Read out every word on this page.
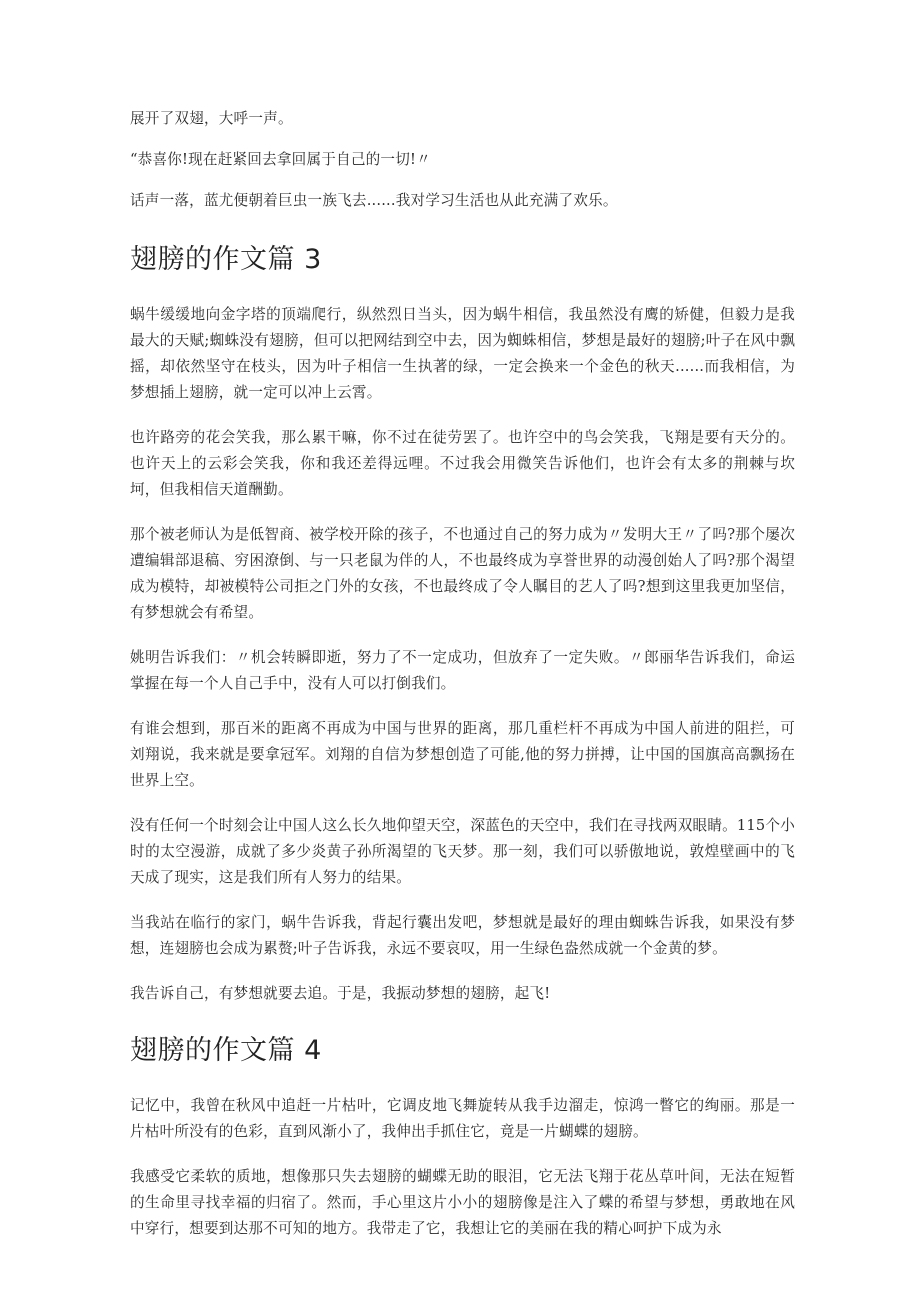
展开了双翅，大呼一声。

“恭喜你!现在赶紧回去拿回属于自己的一切!〃

话声一落，蓝尤便朝着巨虫一族飞去......我对学习生活也从此充满了欢乐。

翅膀的作文篇 3

蜗牛缓缓地向金字塔的顶端爬行，纵然烈日当头，因为蜗牛相信，我虽然没有鹰的矫健，但毅力是我最大的天赋;蜘蛛没有翅膀，但可以把网结到空中去，因为蜘蛛相信，梦想是最好的翅膀;叶子在风中飘摇，却依然坚守在枝头，因为叶子相信一生执著的绿，一定会换来一个金色的秋天......而我相信，为梦想插上翅膀，就一定可以冲上云霄。

也许路旁的花会笑我，那么累干嘛，你不过在徒劳罢了。也许空中的鸟会笑我，飞翔是要有天分的。也许天上的云彩会笑我，你和我还差得远哩。不过我会用微笑告诉他们，也许会有太多的荆棘与坎坷，但我相信天道酬勤。

那个被老师认为是低智商、被学校开除的孩子，不也通过自己的努力成为〃发明大王〃了吗?那个屡次遭编辑部退稿、穷困潦倒、与一只老鼠为伴的人，不也最终成为享誉世界的动漫创始人了吗?那个渴望成为模特，却被模特公司拒之门外的女孩，不也最终成了令人瞩目的艺人了吗?想到这里我更加坚信，有梦想就会有希望。

姚明告诉我们：〃机会转瞬即逝，努力了不一定成功，但放弃了一定失败。〃郎丽华告诉我们，命运掌握在每一个人自己手中，没有人可以打倒我们。

有谁会想到，那百米的距离不再成为中国与世界的距离，那几重栏杆不再成为中国人前进的阻拦，可刘翔说，我来就是要拿冠军。刘翔的自信为梦想创造了可能,他的努力拼搏，让中国的国旗高高飘扬在世界上空。

没有任何一个时刻会让中国人这么长久地仰望天空，深蓝色的天空中，我们在寻找两双眼睛。115个小时的太空漫游，成就了多少炎黄子孙所渴望的飞天梦。那一刻，我们可以骄傲地说，敦煌壁画中的飞天成了现实，这是我们所有人努力的结果。

当我站在临行的家门，蜗牛告诉我，背起行囊出发吧，梦想就是最好的理由蜘蛛告诉我，如果没有梦想，连翅膀也会成为累赘;叶子告诉我，永远不要哀叹，用一生绿色盎然成就一个金黄的梦。

我告诉自己，有梦想就要去追。于是，我振动梦想的翅膀，起飞!

翅膀的作文篇 4

记忆中，我曾在秋风中追赶一片枯叶，它调皮地飞舞旋转从我手边溜走，惊鸿一瞥它的绚丽。那是一片枯叶所没有的色彩，直到风渐小了，我伸出手抓住它，竟是一片蝴蝶的翅膀。

我感受它柔软的质地，想像那只失去翅膀的蝴蝶无助的眼泪，它无法飞翔于花丛草叶间，无法在短暂的生命里寻找幸福的归宿了。然而，手心里这片小小的翅膀像是注入了蝶的希望与梦想，勇敢地在风中穿行，想要到达那不可知的地方。我带走了它，我想让它的美丽在我的精心呵护下成为永
